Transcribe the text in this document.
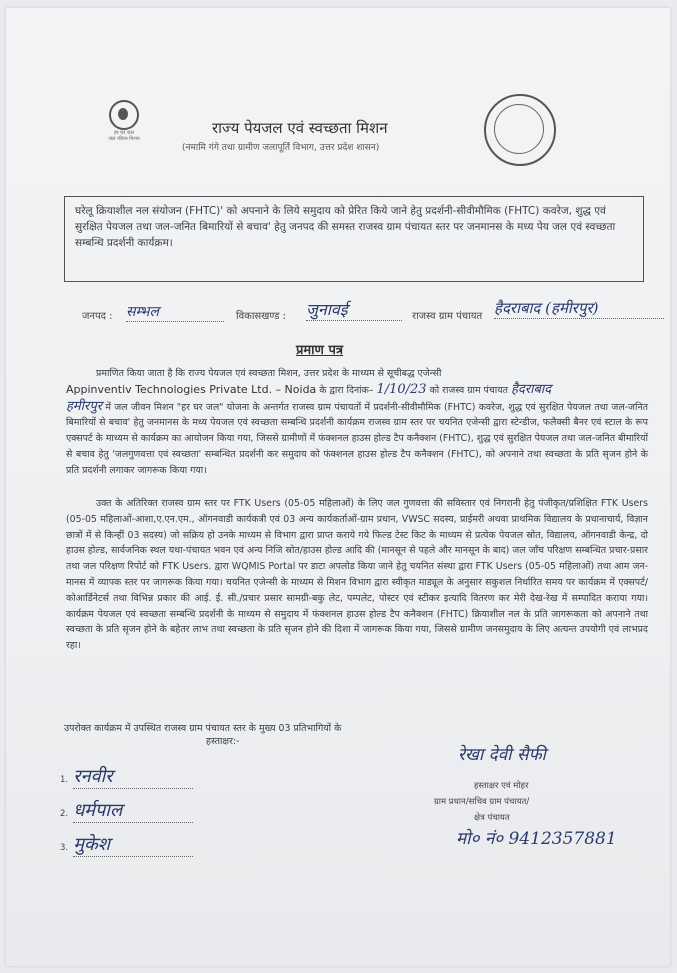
हर घर जल
जल जीवन मिशन
राज्य पेयजल एवं स्वच्छता मिशन
(नमामि गंगे तथा ग्रामीण जलापूर्ति विभाग, उत्तर प्रदेश शासन)
घरेलू क्रियाशील नल संयोजन (FHTC)' को अपनाने के लिये समुदाय को प्रेरित किये जाने हेतु प्रदर्शनी-सीवीमौमिक (FHTC) कवरेज, शुद्ध एवं सुरक्षित पेयजल तथा जल-जनित बिमारियों से बचाव' हेतु जनपद की समस्त राजस्व ग्राम पंचायत स्तर पर जनमानस के मध्य पेय जल एवं स्वच्छता सम्बन्धि प्रदर्शनी कार्यक्रम।
जनपद : सम्भल	विकासखण्ड : जुनावई	राजस्व ग्राम पंचायत हैदराबाद (हमीरपुर)
प्रमाण पत्र
प्रमाणित किया जाता है कि राज्य पेयजल एवं स्वच्छता मिशन, उत्तर प्रदेश के माध्यम से सूचीबद्ध एजेन्सी
Appinventiv Technologies Private Ltd. – Noida के द्वारा दिनांक– 1/10/23 को राजस्व ग्राम पंचायत हैदराबाद
हमीरपुर में जल जीवन मिशन "हर घर जल" योजना के अन्तर्गत राजस्व ग्राम पंचायतों में प्रदर्शनी-सीवीमौमिक (FHTC) कवरेज, शुद्ध एवं सुरक्षित पेयजल तथा जल-जनित बिमारियों से बचाव' हेतु जनमानस के मध्य पेयजल एवं स्वच्छता सम्बन्धि प्रदर्शनी कार्यक्रम राजस्व ग्राम स्तर पर चयनित एजेन्सी द्वारा स्टेन्डीज, फलैक्सी बैनर एवं स्टाल के रूप एक्सपर्ट के माध्यम से कार्यक्रम का आयोजन किया गया, जिससे ग्रामीणों में फंक्शनल हाउस होल्ड टैप कनैक्शन (FHTC), शुद्ध एवं सुरक्षित पेयजल तथा जल-जनित बीमारियों से बचाव हेतु 'जलगुणवत्ता एवं स्वच्छता' सम्बन्धित प्रदर्शनी कर समुदाय को फंक्शनल हाउस होल्ड टैप कनैक्शन (FHTC), को अपनाने तथा स्वच्छता के प्रति सृजन होने के प्रति प्रदर्शनी लगाकर जागरूक किया गया।
उक्त के अतिरिक्त राजस्व ग्राम स्तर पर FTK Users (05-05 महिलाओं) के लिए जल गुणवत्ता की सविस्तार एवं निगरानी हेतु पंजीकृत/प्रशिक्षित FTK Users (05-05 महिलाओं-आशा,ए.एन.एम., ऑगनवाडी कार्यकत्री एवं 03 अन्य कार्यकर्ताओं-ग्राम प्रधान, VWSC सदस्य, प्राईमरी अथवा प्राथमिक विद्यालय के प्रधानाचार्य, विज्ञान छात्रों में से किन्हीं 03 सदस्य) जो सक्रिय हो उनके माध्यम से विभाग द्वारा प्राप्त कराये गये फिल्ड टेस्ट किट के माध्यम से प्रत्येक पेयजल स्रोत, विद्यालय, ऑगनवाडी केन्द्र, दो हाउस होल्ड, सार्वजनिक स्थल यथा-पंचायत भवन एवं अन्य निजि स्रोत/हाउस होल्ड आदि की (मानसून से पहले और मानसून के बाद) जल जाँच परिक्षण सम्बन्धित प्रचार-प्रसार तथा जल परिक्षण रिपोर्ट को FTK Users. द्वारा WQMIS Portal पर डाटा अपलोड किया जाने हेतु चयनित संस्था द्वारा FTK Users (05-05 महिलाओं) तथा आम जन-मानस में व्यापक स्तर पर जागरूक किया गया। चयनित एजेन्सी के माध्यम से मिशन विभाग द्वारा स्वीकृत माड्यूल के अनुसार सकुशल निर्धारित समय पर कार्यक्रम में एक्सपर्ट/कोआर्डिनेटर्स तथा विभिन्न प्रकार की आई. ई. सी./प्रचार प्रसार सामग्री-बकु लेट, पम्पलेट, पोस्टर एवं स्टीकर इत्यादि वितरण कर मेरी देख-रेख में सम्पादित कराया गया। कार्यक्रम पेयजल एवं स्वच्छता सम्बन्धि प्रदर्शनी के माध्यम से समुदाय में फंक्शनल हाउस होल्ड टैप कनैक्शन (FHTC) क्रियाशील नल के प्रति जागरूकता को अपनाने तथा स्वच्छता के प्रति सृजन होने के बहेतर लाभ तथा स्वच्छता के प्रति सृजन होने की दिशा में जागरूक किया गया, जिससे ग्रामीण जनसमुदाय के लिए अत्यन्त उपयोगी एवं लाभप्रद रहा।
उपरोक्त कार्यक्रम में उपस्थित राजस्व ग्राम पंचायत स्तर के मुख्य 03 प्रतिभागियों के
हस्ताक्षर:-
1. रनवीर
2. धर्मपाल
3. मुकेश
रेखा देवी सैफी
हस्ताक्षर एवं मोहर
ग्राम प्रधान/सचिव ग्राम पंचायत/
क्षेत्र पंचायत
मो० नं० 9412357881
